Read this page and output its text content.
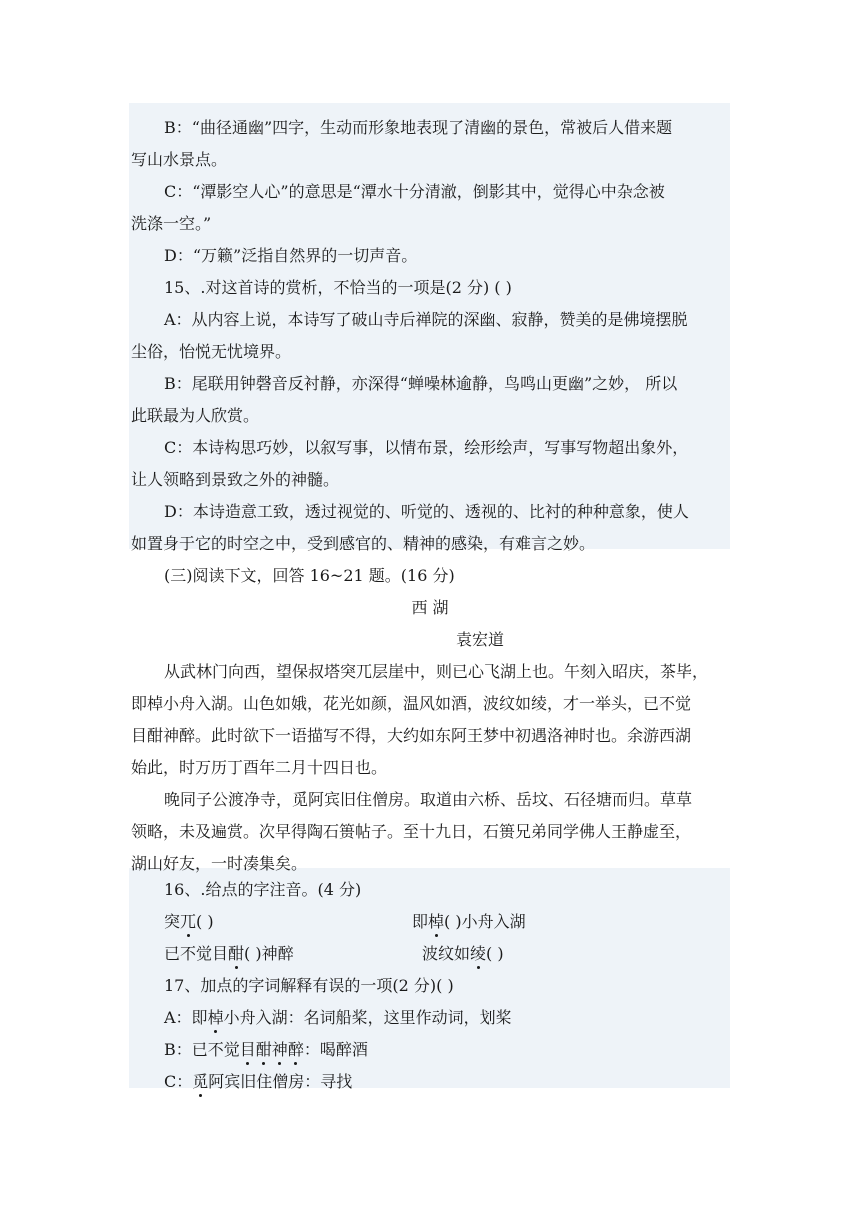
B：“曲径通幽”四字，生动而形象地表现了清幽的景色，常被后人借来题
写山水景点。
C：“潭影空人心”的意思是“潭水十分清澈，倒影其中，觉得心中杂念被
洗涤一空。”
D：“万籁”泛指自然界的一切声音。
15、.对这首诗的赏析，不恰当的一项是(2 分) ( )
A：从内容上说，本诗写了破山寺后禅院的深幽、寂静，赞美的是佛境摆脱
尘俗，怡悦无忧境界。
B：尾联用钟磬音反衬静，亦深得“蝉噪林逾静，鸟鸣山更幽”之妙， 所以
此联最为人欣赏。
C：本诗构思巧妙，以叙写事，以情布景，绘形绘声，写事写物超出象外，
让人领略到景致之外的神髓。
D：本诗造意工致，透过视觉的、听觉的、透视的、比衬的种种意象，使人
如置身于它的时空之中，受到感官的、精神的感染，有难言之妙。
(三)阅读下文，回答 16~21 题。(16 分)
西 湖
袁宏道
从武林门向西，望保叔塔突兀层崖中，则已心飞湖上也。午刻入昭庆，茶毕，
即棹小舟入湖。山色如娥，花光如颜，温风如酒，波纹如绫，才一举头，已不觉
目酣神醉。此时欲下一语描写不得，大约如东阿王梦中初遇洛神时也。余游西湖
始此，时万历丁酉年二月十四日也。
晚同子公渡净寺，觅阿宾旧住僧房。取道由六桥、岳坟、石径塘而归。草草
领略，未及遍赏。次早得陶石篑帖子。至十九日，石篑兄弟同学佛人王静虚至，
湖山好友，一时凑集矣。
16、.给点的字注音。(4 分)
突兀( )	即棹( )小舟入湖
已不觉目酣( )神醉	波纹如绫( )
17、加点的字词解释有误的一项(2 分)( )
A：即棹小舟入湖：名词船桨，这里作动词，划桨
B：已不觉目酣神醉：喝醉酒
C：觅阿宾旧住僧房：寻找
